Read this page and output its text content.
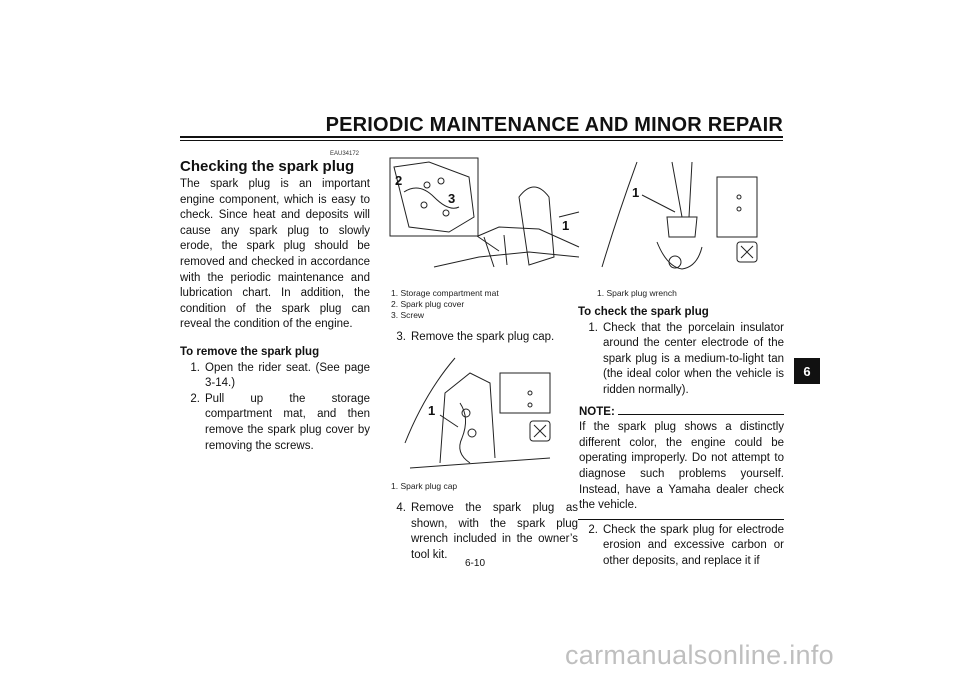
PERIODIC MAINTENANCE AND MINOR REPAIR
EAU34172
Checking the spark plug
The spark plug is an important engine component, which is easy to check. Since heat and deposits will cause any spark plug to slowly erode, the spark plug should be removed and checked in accordance with the periodic maintenance and lubrication chart. In addition, the condition of the spark plug can reveal the condition of the engine.
To remove the spark plug
1. Open the rider seat. (See page 3-14.)
2. Pull up the storage compartment mat, and then remove the spark plug cover by removing the screws.
2
3
1
1. Storage compartment mat
2. Spark plug cover
3. Screw
3. Remove the spark plug cap.
1
1. Spark plug cap
4. Remove the spark plug as shown, with the spark plug wrench included in the owner’s tool kit.
1
1. Spark plug wrench
To check the spark plug
1. Check that the porcelain insulator around the center electrode of the spark plug is a medium-to-light tan (the ideal color when the vehicle is ridden normally).
NOTE:
If the spark plug shows a distinctly different color, the engine could be operating improperly. Do not attempt to diagnose such problems yourself. Instead, have a Yamaha dealer check the vehicle.
2. Check the spark plug for electrode erosion and excessive carbon or other deposits, and replace it if
6
6-10
carmanualsonline.info
